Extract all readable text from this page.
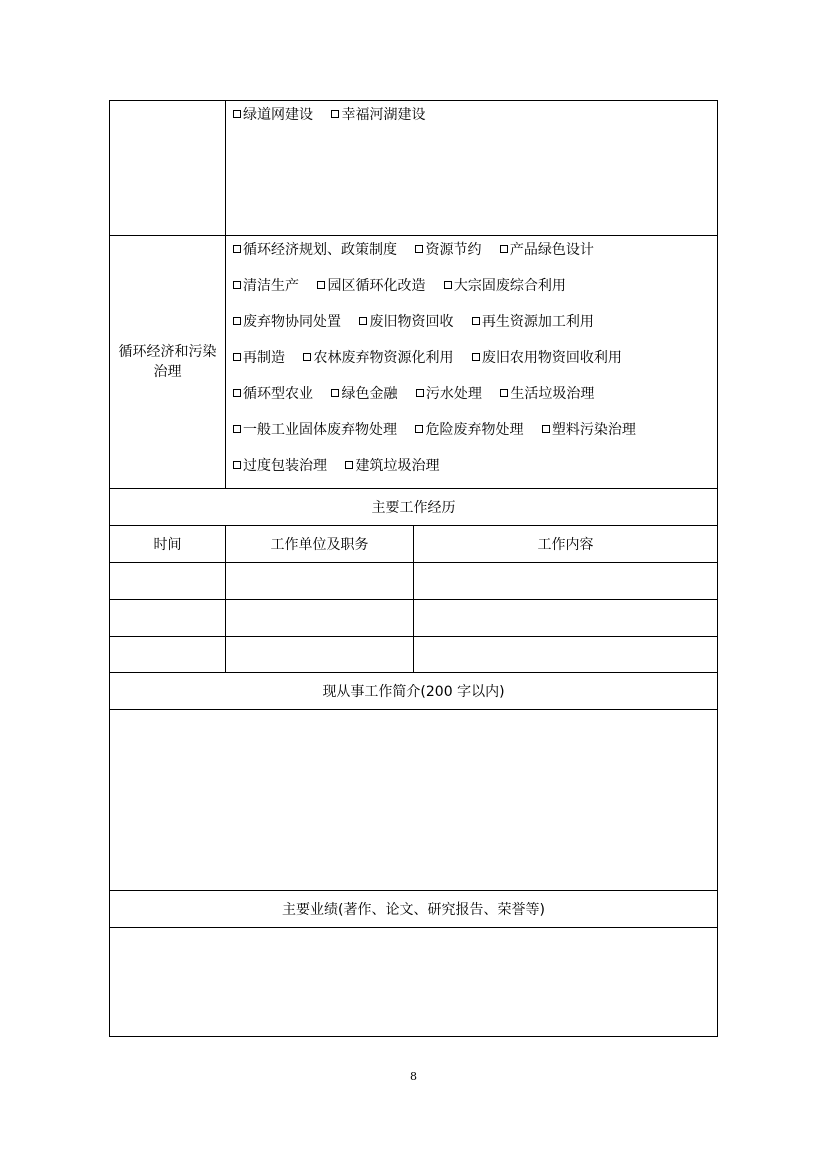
绿道网建设 幸福河湖建设
循环经济和污染治理
循环经济规划、政策制度 资源节约 产品绿色设计
清洁生产 园区循环化改造 大宗固废综合利用
废弃物协同处置 废旧物资回收 再生资源加工利用
再制造 农林废弃物资源化利用 废旧农用物资回收利用
循环型农业 绿色金融 污水处理 生活垃圾治理
一般工业固体废弃物处理 危险废弃物处理 塑料污染治理
过度包装治理 建筑垃圾治理
主要工作经历
时间	工作单位及职务	工作内容
现从事工作简介(200 字以内)
主要业绩(著作、论文、研究报告、荣誉等)
8
